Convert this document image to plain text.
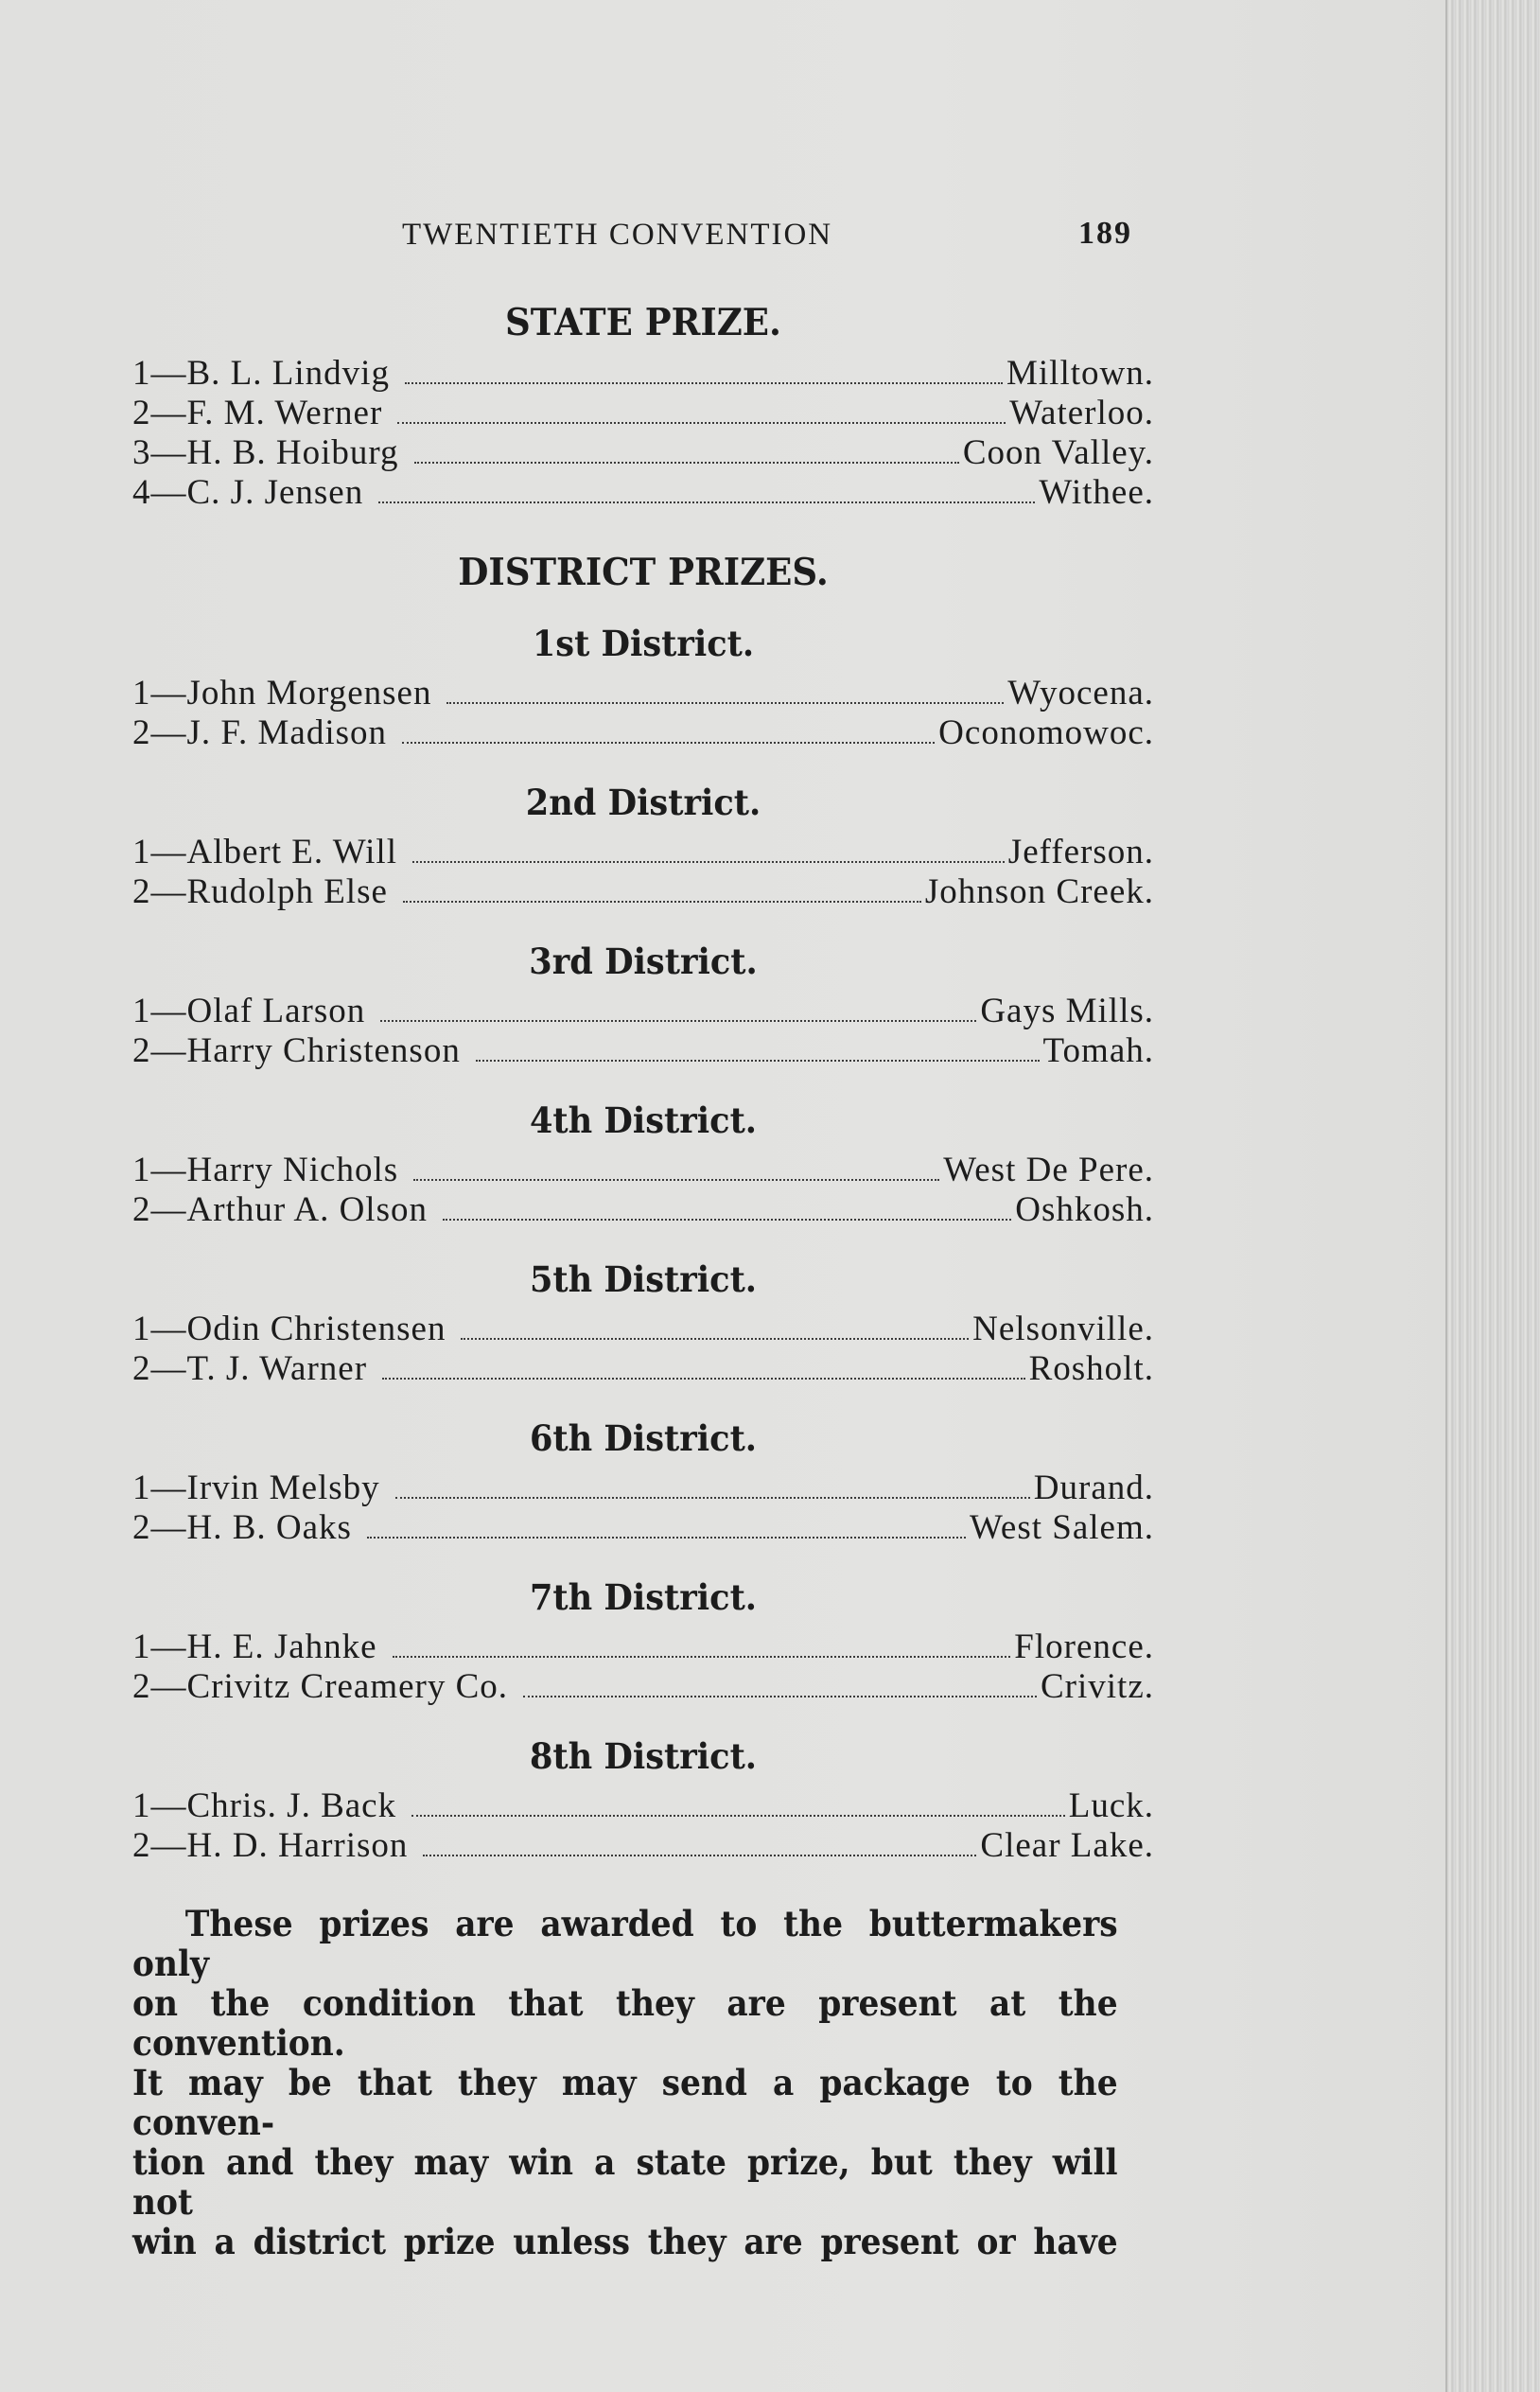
TWENTIETH CONVENTION	189
STATE PRIZE.
1—B. L. Lindvig	Milltown.
2—F. M. Werner	Waterloo.
3—H. B. Hoiburg	Coon Valley.
4—C. J. Jensen	Withee.
DISTRICT PRIZES.
1st District.
1—John Morgensen	Wyocena.
2—J. F. Madison	Oconomowoc.
2nd District.
1—Albert E. Will	Jefferson.
2—Rudolph Else	Johnson Creek.
3rd District.
1—Olaf Larson	Gays Mills.
2—Harry Christenson	Tomah.
4th District.
1—Harry Nichols	West De Pere.
2—Arthur A. Olson	Oshkosh.
5th District.
1—Odin Christensen	Nelsonville.
2—T. J. Warner	Rosholt.
6th District.
1—Irvin Melsby	Durand.
2—H. B. Oaks	West Salem.
7th District.
1—H. E. Jahnke	Florence.
2—Crivitz Creamery Co.	Crivitz.
8th District.
1—Chris. J. Back	Luck.
2—H. D. Harrison	Clear Lake.
These prizes are awarded to the buttermakers only
on the condition that they are present at the convention.
It may be that they may send a package to the conven-
tion and they may win a state prize, but they will not
win a district prize unless they are present or have
